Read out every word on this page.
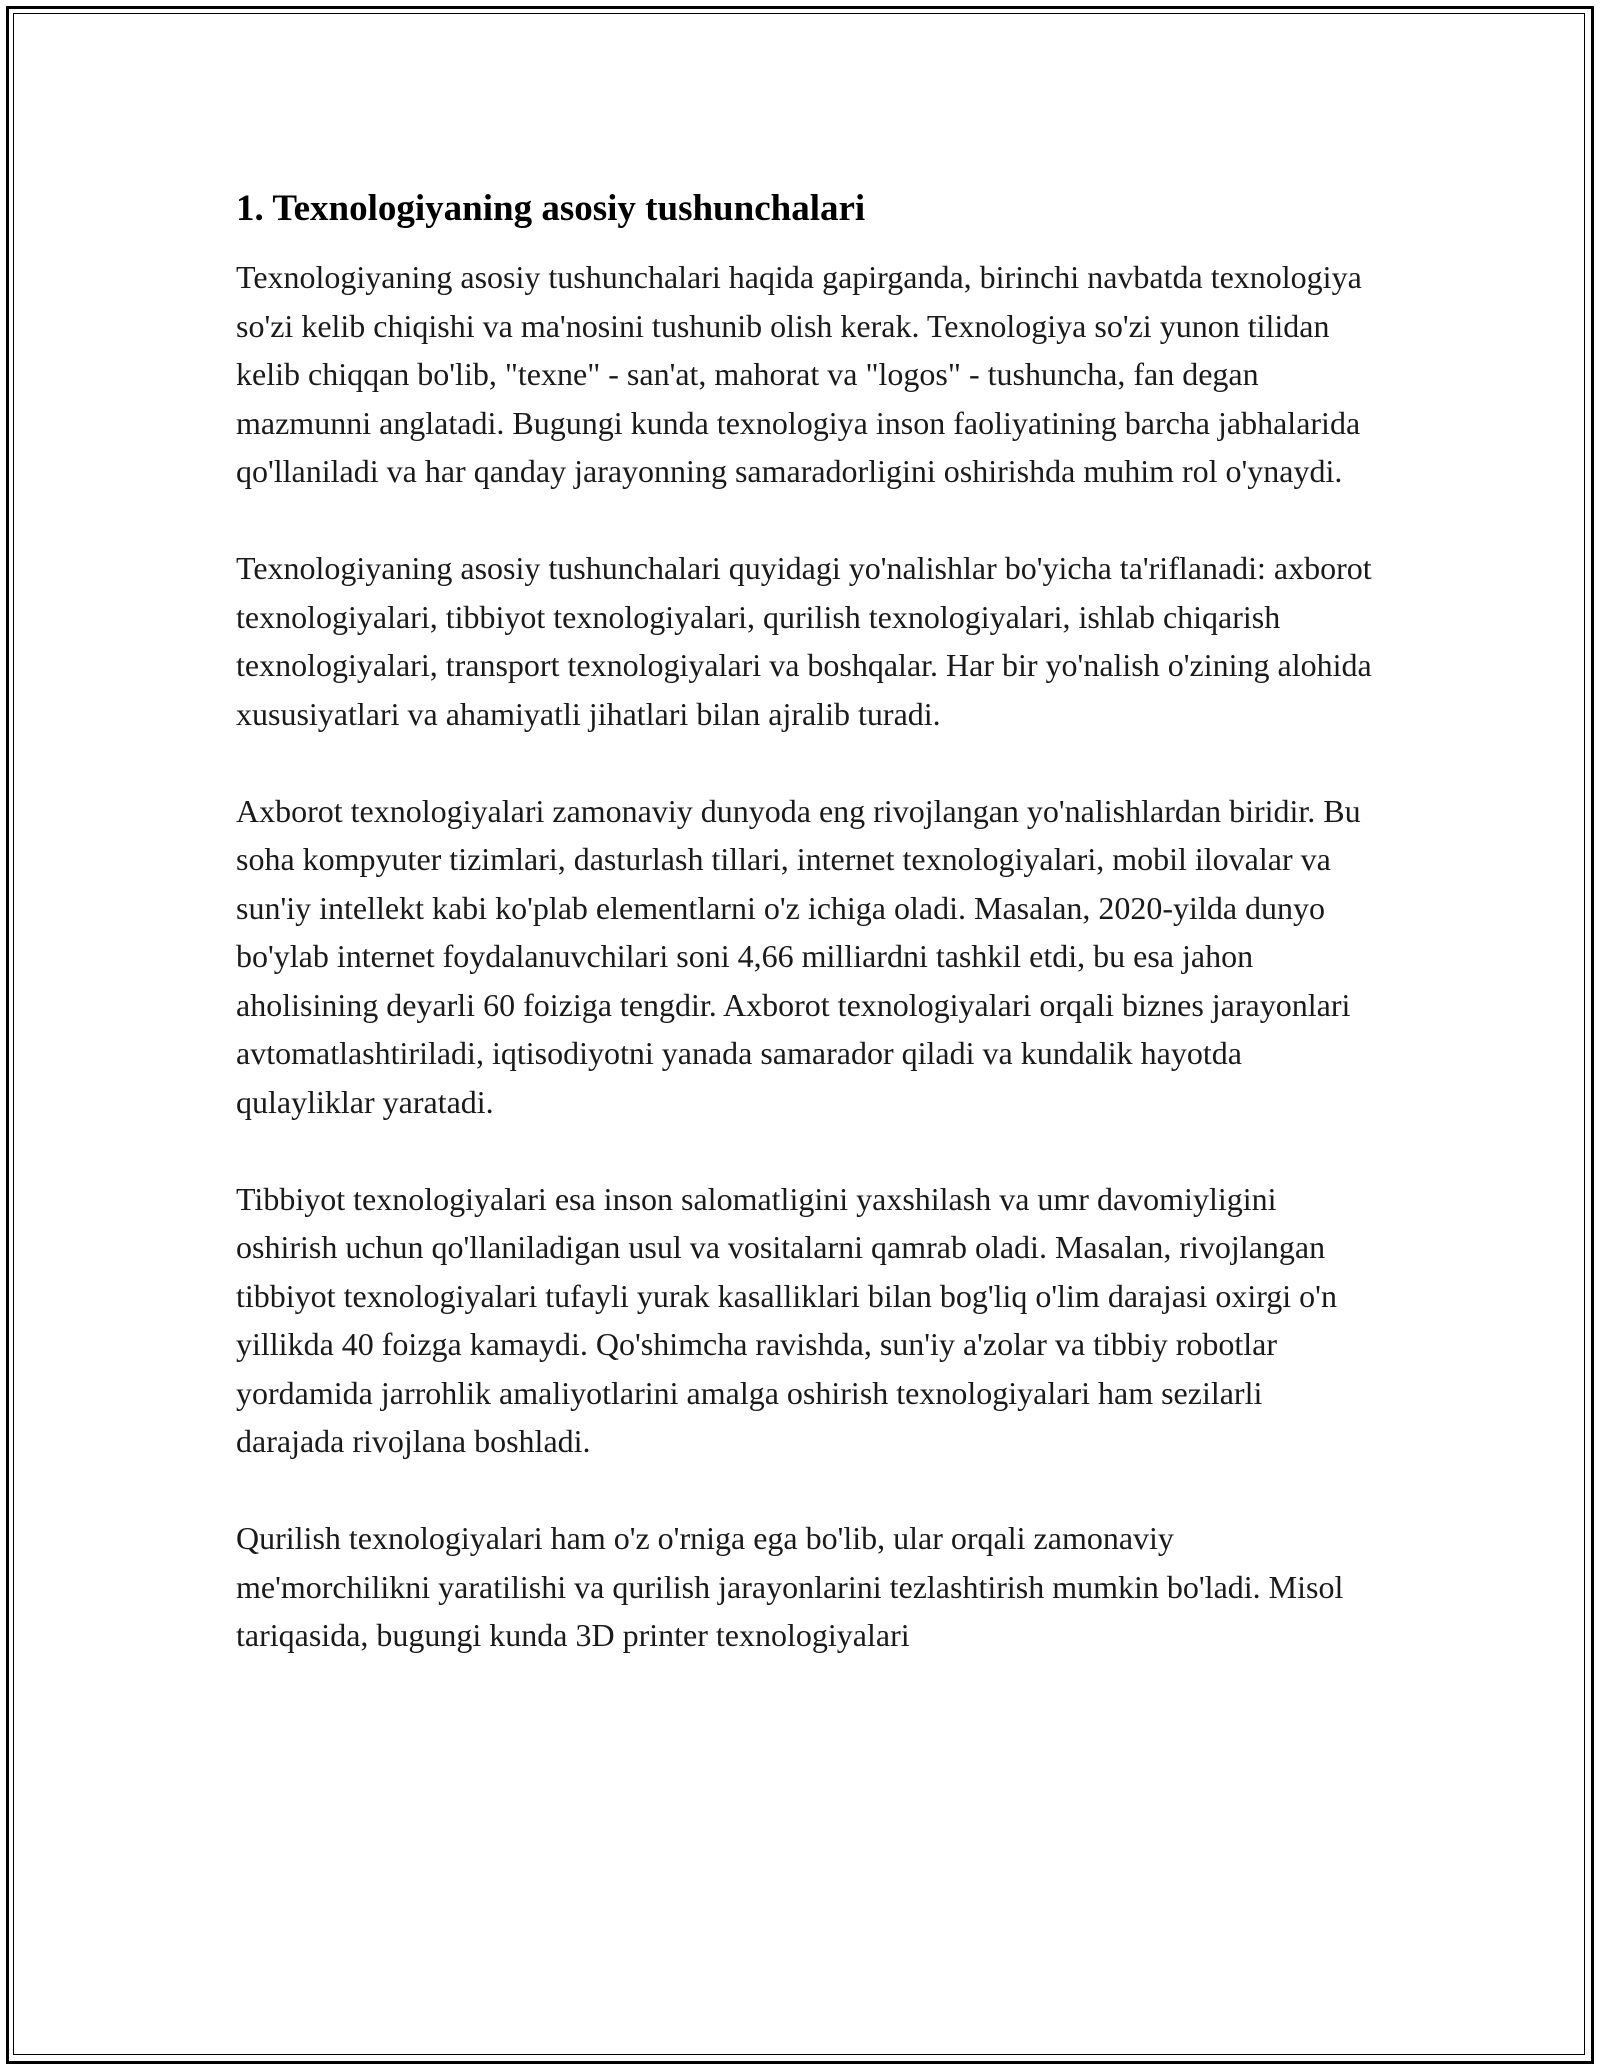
1. Texnologiyaning asosiy tushunchalari

Texnologiyaning asosiy tushunchalari haqida gapirganda, birinchi navbatda texnologiya so'zi kelib chiqishi va ma'nosini tushunib olish kerak. Texnologiya so'zi yunon tilidan kelib chiqqan bo'lib, "texne" - san'at, mahorat va "logos" - tushuncha, fan degan mazmunni anglatadi. Bugungi kunda texnologiya inson faoliyatining barcha jabhalarida qo'llaniladi va har qanday jarayonning samaradorligini oshirishda muhim rol o'ynaydi.

Texnologiyaning asosiy tushunchalari quyidagi yo'nalishlar bo'yicha ta'riflanadi: axborot texnologiyalari, tibbiyot texnologiyalari, qurilish texnologiyalari, ishlab chiqarish texnologiyalari, transport texnologiyalari va boshqalar. Har bir yo'nalish o'zining alohida xususiyatlari va ahamiyatli jihatlari bilan ajralib turadi.

Axborot texnologiyalari zamonaviy dunyoda eng rivojlangan yo'nalishlardan biridir. Bu soha kompyuter tizimlari, dasturlash tillari, internet texnologiyalari, mobil ilovalar va sun'iy intellekt kabi ko'plab elementlarni o'z ichiga oladi. Masalan, 2020-yilda dunyo bo'ylab internet foydalanuvchilari soni 4,66 milliardni tashkil etdi, bu esa jahon aholisining deyarli 60 foiziga tengdir. Axborot texnologiyalari orqali biznes jarayonlari avtomatlashtiriladi, iqtisodiyotni yanada samarador qiladi va kundalik hayotda qulayliklar yaratadi.

Tibbiyot texnologiyalari esa inson salomatligini yaxshilash va umr davomiyligini oshirish uchun qo'llaniladigan usul va vositalarni qamrab oladi. Masalan, rivojlangan tibbiyot texnologiyalari tufayli yurak kasalliklari bilan bog'liq o'lim darajasi oxirgi o'n yillikda 40 foizga kamaydi. Qo'shimcha ravishda, sun'iy a'zolar va tibbiy robotlar yordamida jarrohlik amaliyotlarini amalga oshirish texnologiyalari ham sezilarli darajada rivojlana boshladi.

Qurilish texnologiyalari ham o'z o'rniga ega bo'lib, ular orqali zamonaviy me'morchilikni yaratilishi va qurilish jarayonlarini tezlashtirish mumkin bo'ladi. Misol tariqasida, bugungi kunda 3D printer texnologiyalari
